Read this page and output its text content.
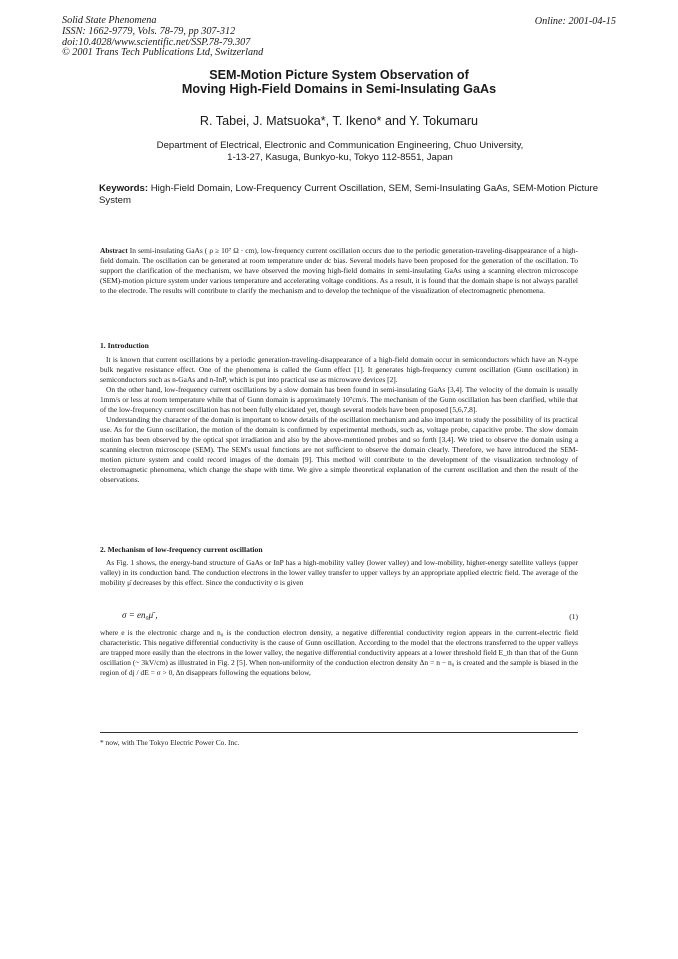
Solid State Phenomena
ISSN: 1662-9779, Vols. 78-79, pp 307-312
doi:10.4028/www.scientific.net/SSP.78-79.307
© 2001 Trans Tech Publications Ltd, Switzerland
Online: 2001-04-15
SEM-Motion Picture System Observation of
Moving High-Field Domains in Semi-Insulating GaAs
R. Tabei, J. Matsuoka*, T. Ikeno* and Y. Tokumaru
Department of Electrical, Electronic and Communication Engineering, Chuo University,
1-13-27, Kasuga, Bunkyo-ku, Tokyo 112-8551, Japan
Keywords: High-Field Domain, Low-Frequency Current Oscillation, SEM, Semi-Insulating GaAs, SEM-Motion Picture System

Abstract In semi-insulating GaAs ( ρ ≥ 10⁷ Ω · cm), low-frequency current oscillation occurs due to the periodic generation-traveling-disappearance of a high-field domain. The oscillation can be generated at room temperature under dc bias. Several models have been proposed for the generation of the oscillation. To support the clarification of the mechanism, we have observed the moving high-field domains in semi-insulating GaAs using a scanning electron microscope (SEM)-motion picture system under various temperature and accelerating voltage conditions. As a result, it is found that the domain shape is not always parallel to the electrode. The results will contribute to clarify the mechanism and to develop the technique of the visualization of electromagnetic phenomena.

1. Introduction

It is known that current oscillations by a periodic generation-traveling-disappearance of a high-field domain occur in semiconductors which have an N-type bulk negative resistance effect. One of the phenomena is called the Gunn effect [1]. It generates high-frequency current oscillation (Gunn oscillation) in semiconductors such as n-GaAs and n-InP, which is put into practical use as microwave devices [2].

On the other hand, low-frequency current oscillations by a slow domain has been found in semi-insulating GaAs [3,4]. The velocity of the domain is usually 1mm/s or less at room temperature while that of Gunn domain is approximately 10⁷cm/s. The mechanism of the Gunn oscillation has been clarified, while that of the low-frequency current oscillation has not been fully elucidated yet, though several models have been proposed [5,6,7,8].

Understanding the character of the domain is important to know details of the oscillation mechanism and also important to study the possibility of its practical use. As for the Gunn oscillation, the motion of the domain is confirmed by experimental methods, such as, voltage probe, capacitive probe. The slow domain motion has been observed by the optical spot irradiation and also by the above-mentioned probes and so forth [3,4]. We tried to observe the domain using a scanning electron microscope (SEM). The SEM's usual functions are not sufficient to observe the domain clearly. Therefore, we have introduced the SEM-motion picture system and could record images of the domain [9]. This method will contribute to the development of the visualization technology of electromagnetic phenomena, which change the shape with time. We give a simple theoretical explanation of the current oscillation and then the result of the observations.

2. Mechanism of low-frequency current oscillation

As Fig. 1 shows, the energy-band structure of GaAs or InP has a high-mobility valley (lower valley) and low-mobility, higher-energy satellite valleys (upper valley) in its conduction band. The conduction electrons in the lower valley transfer to upper valleys by an appropriate applied electric field. The average of the mobility μ̄ decreases by this effect. Since the conductivity σ is given

σ = en₀μ̄ ,	(1)

where e is the electronic charge and n₀ is the conduction electron density, a negative differential conductivity region appears in the current-electric field characteristic. This negative differential conductivity is the cause of Gunn oscillation. According to the model that the electrons transferred to the upper valleys are trapped more easily than the electrons in the lower valley, the negative differential conductivity appears at a lower threshold field E_th than that of the Gunn oscillation (~ 3kV/cm) as illustrated in Fig. 2 [5]. When non-uniformity of the conduction electron density Δn = n − n₀ is created and the sample is biased in the region of dj / dE = σ > 0, Δn disappears following the equations below,

* now, with The Tokyo Electric Power Co. Inc.
